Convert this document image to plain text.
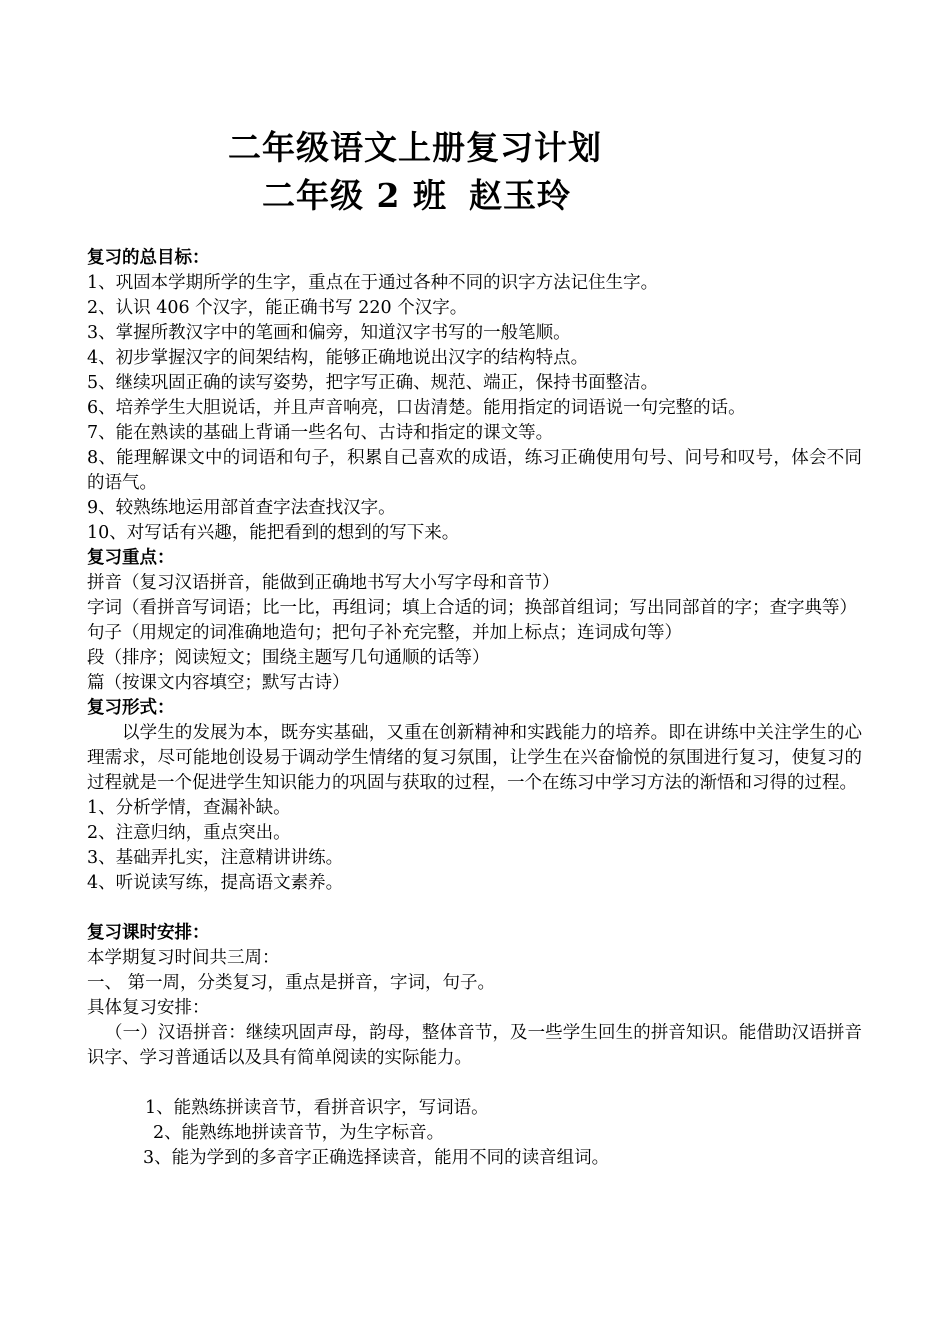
二年级语文上册复习计划
二年级 2 班 赵玉玲
复习的总目标：
1、巩固本学期所学的生字，重点在于通过各种不同的识字方法记住生字。
2、认识 406 个汉字，能正确书写 220 个汉字。
3、掌握所教汉字中的笔画和偏旁，知道汉字书写的一般笔顺。
4、初步掌握汉字的间架结构，能够正确地说出汉字的结构特点。
5、继续巩固正确的读写姿势，把字写正确、规范、端正，保持书面整洁。
6、培养学生大胆说话，并且声音响亮，口齿清楚。能用指定的词语说一句完整的话。
7、能在熟读的基础上背诵一些名句、古诗和指定的课文等。
8、能理解课文中的词语和句子，积累自己喜欢的成语，练习正确使用句号、问号和叹号，体会不同的语气。
9、较熟练地运用部首查字法查找汉字。
10、对写话有兴趣，能把看到的想到的写下来。
复习重点：
拼音（复习汉语拼音，能做到正确地书写大小写字母和音节）
字词（看拼音写词语；比一比，再组词；填上合适的词；换部首组词；写出同部首的字；查字典等）
句子（用规定的词准确地造句；把句子补充完整，并加上标点；连词成句等）
段（排序；阅读短文；围绕主题写几句通顺的话等）
篇（按课文内容填空；默写古诗）
复习形式：
以学生的发展为本，既夯实基础，又重在创新精神和实践能力的培养。即在讲练中关注学生的心理需求，尽可能地创设易于调动学生情绪的复习氛围，让学生在兴奋愉悦的氛围进行复习，使复习的过程就是一个促进学生知识能力的巩固与获取的过程，一个在练习中学习方法的渐悟和习得的过程。
1、分析学情，查漏补缺。
2、注意归纳，重点突出。
3、基础弄扎实，注意精讲讲练。
4、听说读写练，提高语文素养。
复习课时安排：
本学期复习时间共三周：
一、 第一周，分类复习，重点是拼音，字词，句子。
具体复习安排：
（一）汉语拼音：继续巩固声母，韵母，整体音节，及一些学生回生的拼音知识。能借助汉语拼音识字、学习普通话以及具有简单阅读的实际能力。
1、能熟练拼读音节，看拼音识字，写词语。
2、能熟练地拼读音节，为生字标音。
3、能为学到的多音字正确选择读音，能用不同的读音组词。
